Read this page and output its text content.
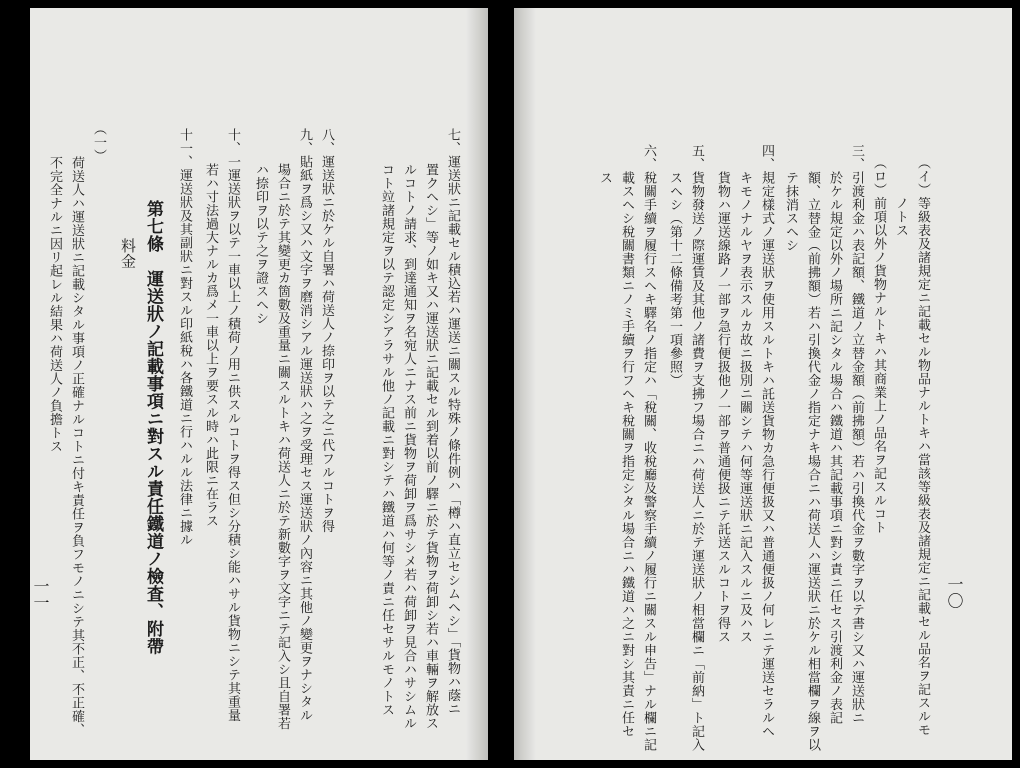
七、運送狀ニ記載セル積込若ハ運送ニ關スル特殊ノ條件例ハ「樽ハ直立セシムヘシ」「貨物ハ蔭ニ
　　置クヘシ」等ノ如キ又ハ運送狀ニ記載セル到着以前ノ驛ニ於テ貨物ヲ荷卸シ若ハ車輛ヲ解放ス
　　ルコトノ請求、到達通知ヲ名宛人ニナス前ニ貨物ヲ荷卸ヲ爲サシメ若ハ荷卸ヲ見合ハサシムル
　　コト竝諸規定ヲ以テ認定シアラサル他ノ記載ニ對シテハ鐵道ハ何等ノ責ニ任セサルモノトス
八、運送狀ニ於ケル自署ハ荷送人ノ捺印ヲ以テ之ニ代フルコトヲ得
九、貼紙ヲ爲シ又ハ文字ヲ磨消シアル運送狀ハ之ヲ受理セス運送狀ノ內容ニ其他ノ變更ヲナシタル
　　場合ニ於テ其變更カ箇數及重量ニ關スルトキハ荷送人ニ於テ新數字ヲ文字ニテ記入シ且自署若
　　ハ捺印ヲ以テ之ヲ證スヘシ
十、一運送狀ヲ以テ一車以上ノ積荷ノ用ニ供スルコトヲ得ス但シ分積シ能ハサル貨物ニシテ其重量
　　若ハ寸法過大ナルカ爲メ一車以上ヲ要スル時ハ此限ニ在ラス
十一、運送狀及其副狀ニ對スル印紙稅ハ各鐵道ニ行ハルル法律ニ據ル
第七條　運送狀ノ記載事項ニ對スル責任鐵道ノ檢査、附帶
料金
（一）
荷送人ハ運送狀ニ記載シタル事項ノ正確ナルコトニ付キ責任ヲ負フモノニシテ其不正、不正確、
不完全ナルニ因リ起レル結果ハ荷送人ノ負擔トス
一一	一〇
（イ）等級表及諸規定ニ記載セル物品ナルトキハ當該等級表及諸規定ニ記載セル品名ヲ記スルモ
　　　ノトス
（ロ）前項以外ノ貨物ナルトキハ其商業上ノ品名ヲ記スルコト
三、引渡利金ハ表記額、鐵道ノ立替金額（前拂額）若ハ引換代金ヲ數字ヲ以テ書シ又ハ運送狀ニ
　　於ケル規定以外ノ場所ニ記シタル場合ハ鐵道ハ其記載事項ニ對シ責ニ任セス引渡利金ノ表記
　　額、立替金（前拂額）若ハ引換代金ノ指定ナキ場合ニハ荷送人ハ運送狀ニ於ケル相當欄ヲ線ヲ以
　　テ抹消スヘシ
四、規定樣式ノ運送狀ヲ使用スルトキハ託送貨物カ急行便扱又ハ普通便扱ノ何レニテ運送セラルヘ
　　キモノナルヤヲ表示スルカ故ニ扱別ニ關シテハ何等運送狀ニ記入スルニ及ハス
　　貨物ハ運送線路ノ一部ヲ急行便扱他ノ一部ヲ普通便扱ニテ託送スルコトヲ得ス
五、貨物發送ノ際運賃及其他ノ諸費ヲ支拂フ場合ニハ荷送人ニ於テ運送狀ノ相當欄ニ「前納」ト記入
　　スヘシ（第十二條備考第一項參照）
六、稅關手續ヲ履行スヘキ驛名ノ指定ハ「稅關、收稅廳及警察手續ノ履行ニ關スル申告」ナル欄ニ記
　　載スヘシ稅關書類ニノミ手續ヲ行フヘキ稅關ヲ指定シタル場合ニハ鐵道ハ之ニ對シ其責ニ任セ
　　ス
